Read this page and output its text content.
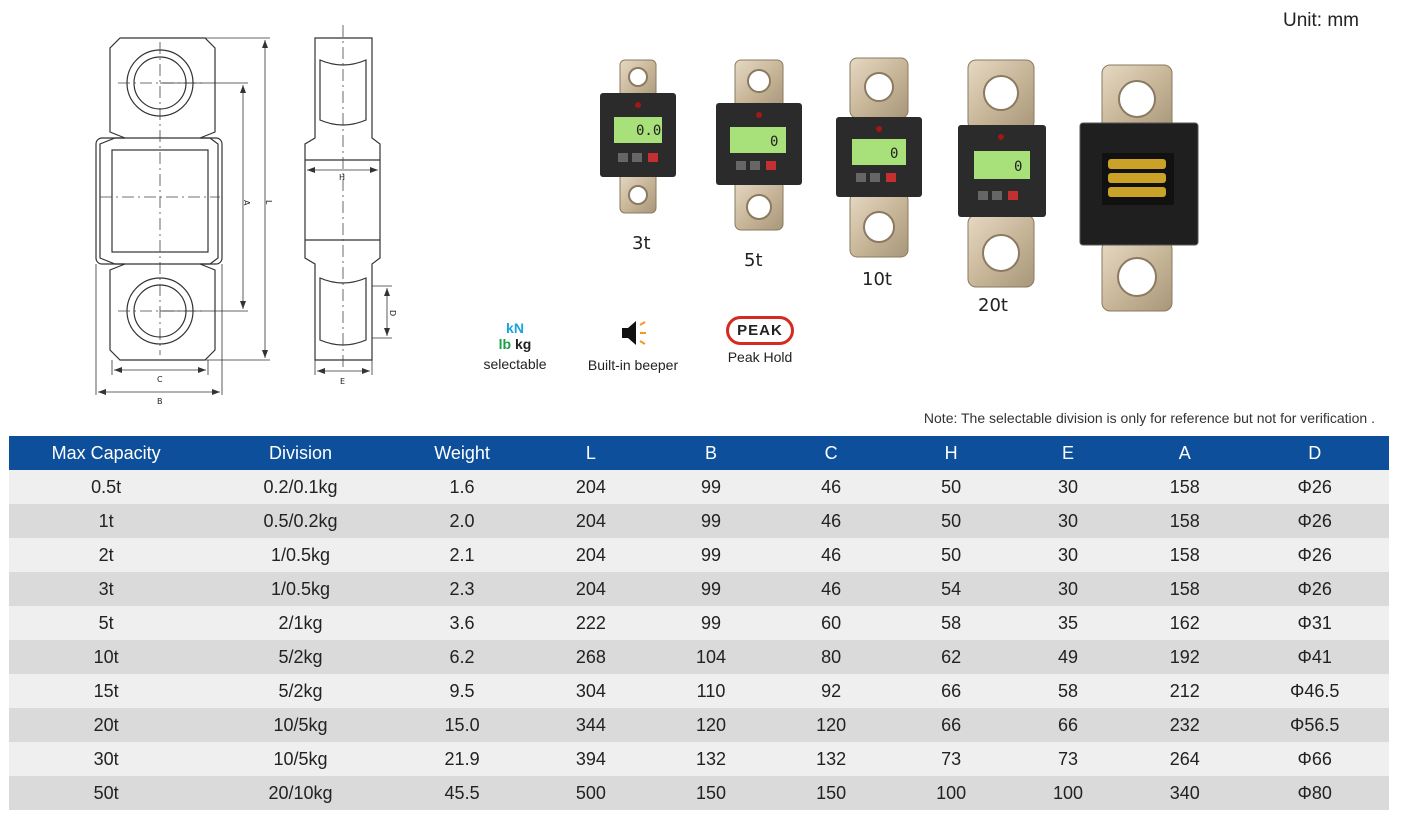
Unit: mm
A L
C
B
H
D
E
0.0
0
0
0
3t
5t
10t
20t
kN
lb kg
selectable	Built-in beeper
PEAK
Peak Hold
Note: The selectable division is only for reference but not for verification .
Max Capacity	Division	Weight	L	B	C	H	E	A	D
0.5t	0.2/0.1kg	1.6	204	99	46	50	30	158	Φ26
1t	0.5/0.2kg	2.0	204	99	46	50	30	158	Φ26
2t	1/0.5kg	2.1	204	99	46	50	30	158	Φ26
3t	1/0.5kg	2.3	204	99	46	54	30	158	Φ26
5t	2/1kg	3.6	222	99	60	58	35	162	Φ31
10t	5/2kg	6.2	268	104	80	62	49	192	Φ41
15t	5/2kg	9.5	304	110	92	66	58	212	Φ46.5
20t	10/5kg	15.0	344	120	120	66	66	232	Φ56.5
30t	10/5kg	21.9	394	132	132	73	73	264	Φ66
50t	20/10kg	45.5	500	150	150	100	100	340	Φ80
